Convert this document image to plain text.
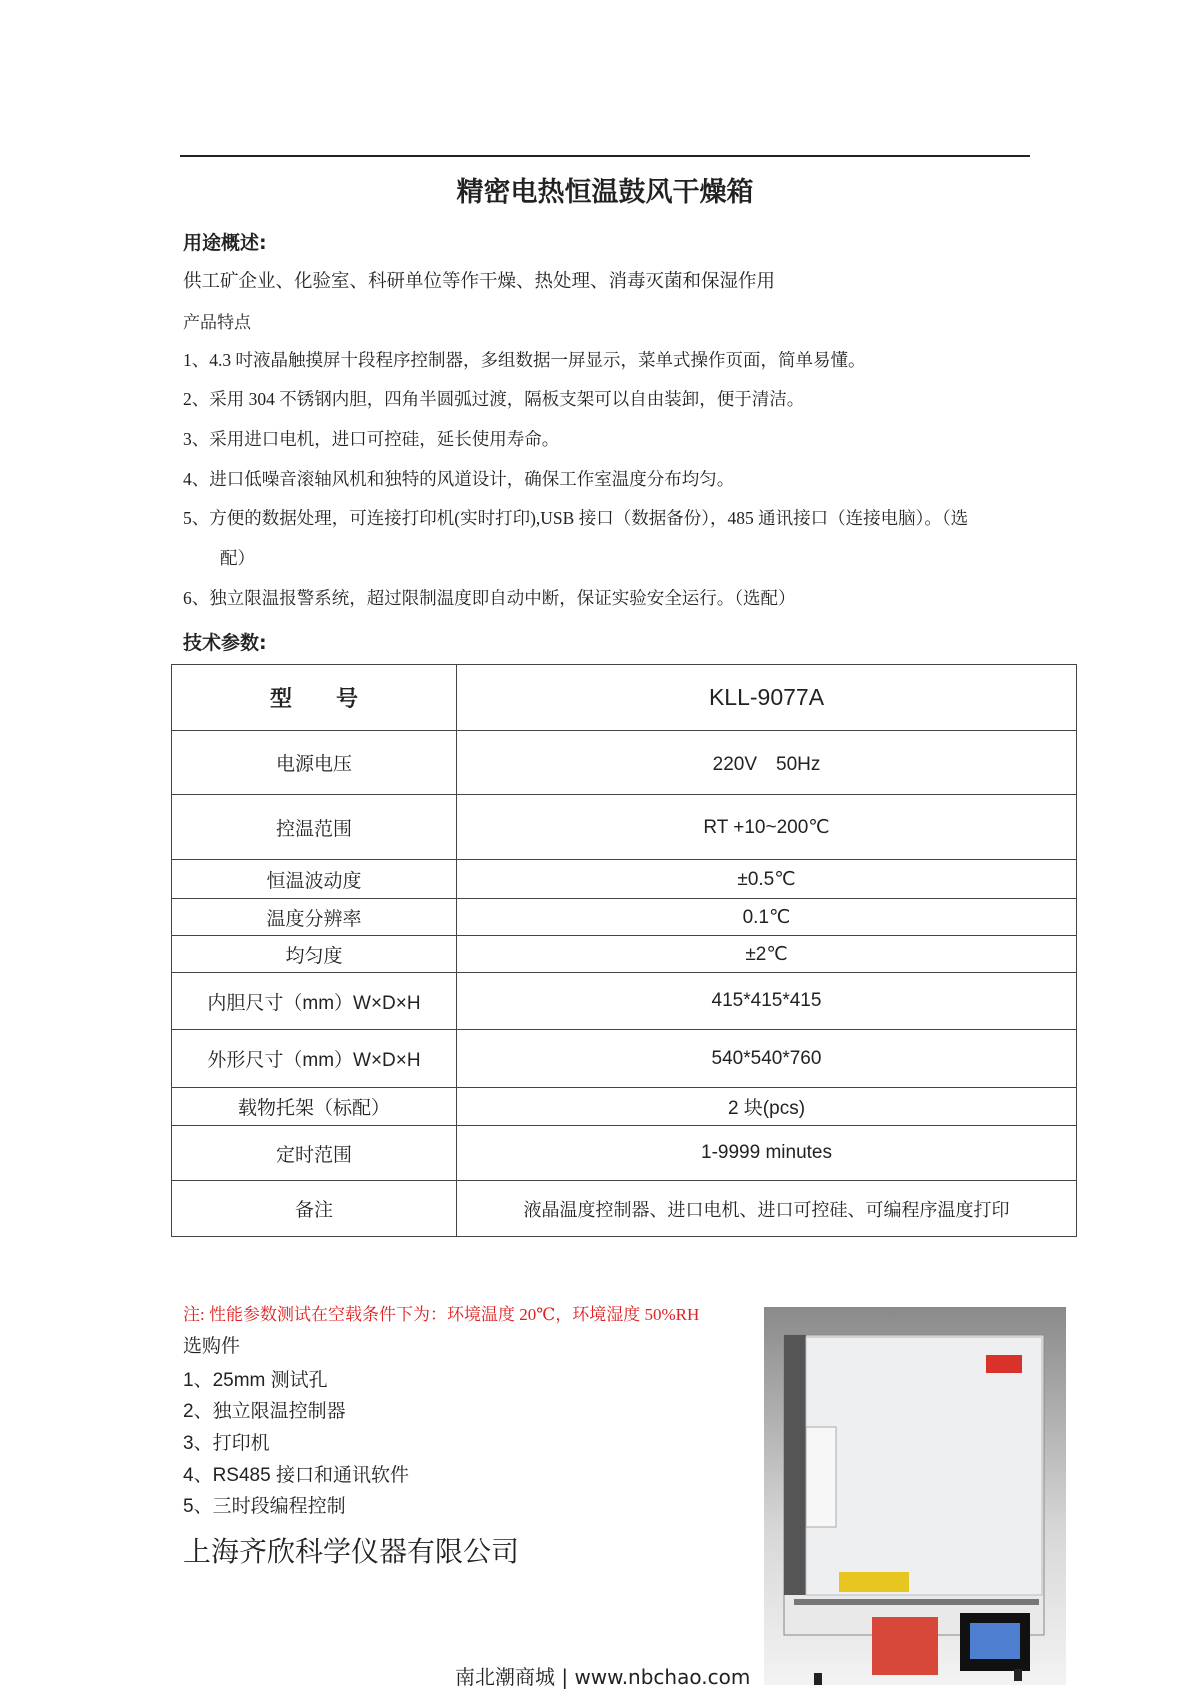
精密电热恒温鼓风干燥箱
用途概述:
供工矿企业、化验室、科研单位等作干燥、热处理、消毒灭菌和保湿作用
产品特点
1、4.3 吋液晶触摸屏十段程序控制器，多组数据一屏显示，菜单式操作页面，简单易懂。
2、采用 304 不锈钢内胆，四角半圆弧过渡，隔板支架可以自由装卸，便于清洁。
3、采用进口电机，进口可控硅，延长使用寿命。
4、进口低噪音滚轴风机和独特的风道设计，确保工作室温度分布均匀。
5、方便的数据处理，可连接打印机(实时打印),USB 接口（数据备份），485 通讯接口（连接电脑）。（选
配）
6、独立限温报警系统，超过限制温度即自动中断，保证实验安全运行。（选配）
技术参数:
型　　号	KLL-9077A
电源电压	220V　50Hz
控温范围	RT +10~200℃
恒温波动度	±0.5℃
温度分辨率	0.1℃
均匀度	±2℃
内胆尺寸（mm）W×D×H	415*415*415
外形尺寸（mm）W×D×H	540*540*760
载物托架（标配）	2 块(pcs)
定时范围	1-9999 minutes
备注	液晶温度控制器、进口电机、进口可控硅、可编程序温度打印
注: 性能参数测试在空载条件下为：环境温度 20℃，环境湿度 50%RH
选购件
1、25mm 测试孔
2、独立限温控制器
3、打印机
4、RS485 接口和通讯软件
5、三时段编程控制
上海齐欣科学仪器有限公司
南北潮商城 | www.nbchao.com
